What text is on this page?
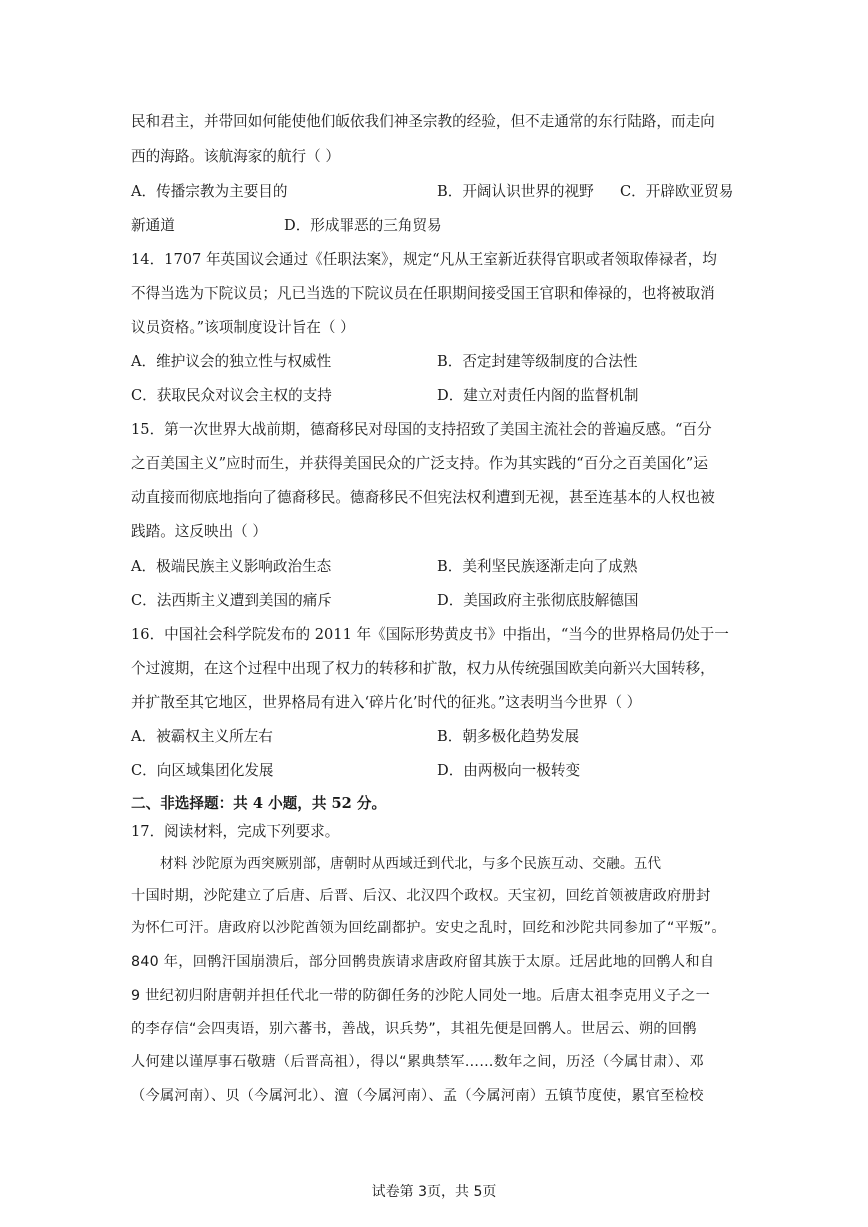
民和君主，并带回如何能使他们皈依我们神圣宗教的经验，但不走通常的东行陆路，而走向
西的海路。该航海家的航行（ ）
A．传播宗教为主要目的	B．开阔认识世界的视野 C．开辟欧亚贸易
新通道	D．形成罪恶的三角贸易
14．1707 年英国议会通过《任职法案》，规定“凡从王室新近获得官职或者领取俸禄者，均
不得当选为下院议员；凡已当选的下院议员在任职期间接受国王官职和俸禄的，也将被取消
议员资格。”该项制度设计旨在（ ）
A．维护议会的独立性与权威性	B．否定封建等级制度的合法性
C．获取民众对议会主权的支持	D．建立对责任内阁的监督机制
15．第一次世界大战前期，德裔移民对母国的支持招致了美国主流社会的普遍反感。“百分
之百美国主义”应时而生，并获得美国民众的广泛支持。作为其实践的“百分之百美国化”运
动直接而彻底地指向了德裔移民。德裔移民不但宪法权利遭到无视，甚至连基本的人权也被
践踏。这反映出（ ）
A．极端民族主义影响政治生态	B．美利坚民族逐渐走向了成熟
C．法西斯主义遭到美国的痛斥	D．美国政府主张彻底肢解德国
16．中国社会科学院发布的 2011 年《国际形势黄皮书》中指出，“当今的世界格局仍处于一
个过渡期，在这个过程中出现了权力的转移和扩散，权力从传统强国欧美向新兴大国转移，
并扩散至其它地区，世界格局有进入‘碎片化’时代的征兆。”这表明当今世界（ ）
A．被霸权主义所左右	B．朝多极化趋势发展
C．向区域集团化发展	D．由两极向一极转变
二、非选择题：共 4 小题，共 52 分。
17．阅读材料，完成下列要求。
材料 沙陀原为西突厥别部，唐朝时从西域迁到代北，与多个民族互动、交融。五代
十国时期，沙陀建立了后唐、后晋、后汉、北汉四个政权。天宝初，回纥首领被唐政府册封
为怀仁可汗。唐政府以沙陀酋领为回纥副都护。安史之乱时，回纥和沙陀共同参加了“平叛”。
840 年，回鹘汗国崩溃后，部分回鹘贵族请求唐政府留其族于太原。迁居此地的回鹘人和自
9 世纪初归附唐朝并担任代北一带的防御任务的沙陀人同处一地。后唐太祖李克用义子之一
的李存信“会四夷语，别六蕃书，善战，识兵势”，其祖先便是回鹘人。世居云、朔的回鹘
人何建以谨厚事石敬瑭（后晋高祖），得以“累典禁军……数年之间，历泾（今属甘肃）、邓
（今属河南）、贝（今属河北）、澶（今属河南）、孟（今属河南）五镇节度使，累官至检校
试卷第 3页，共 5页
